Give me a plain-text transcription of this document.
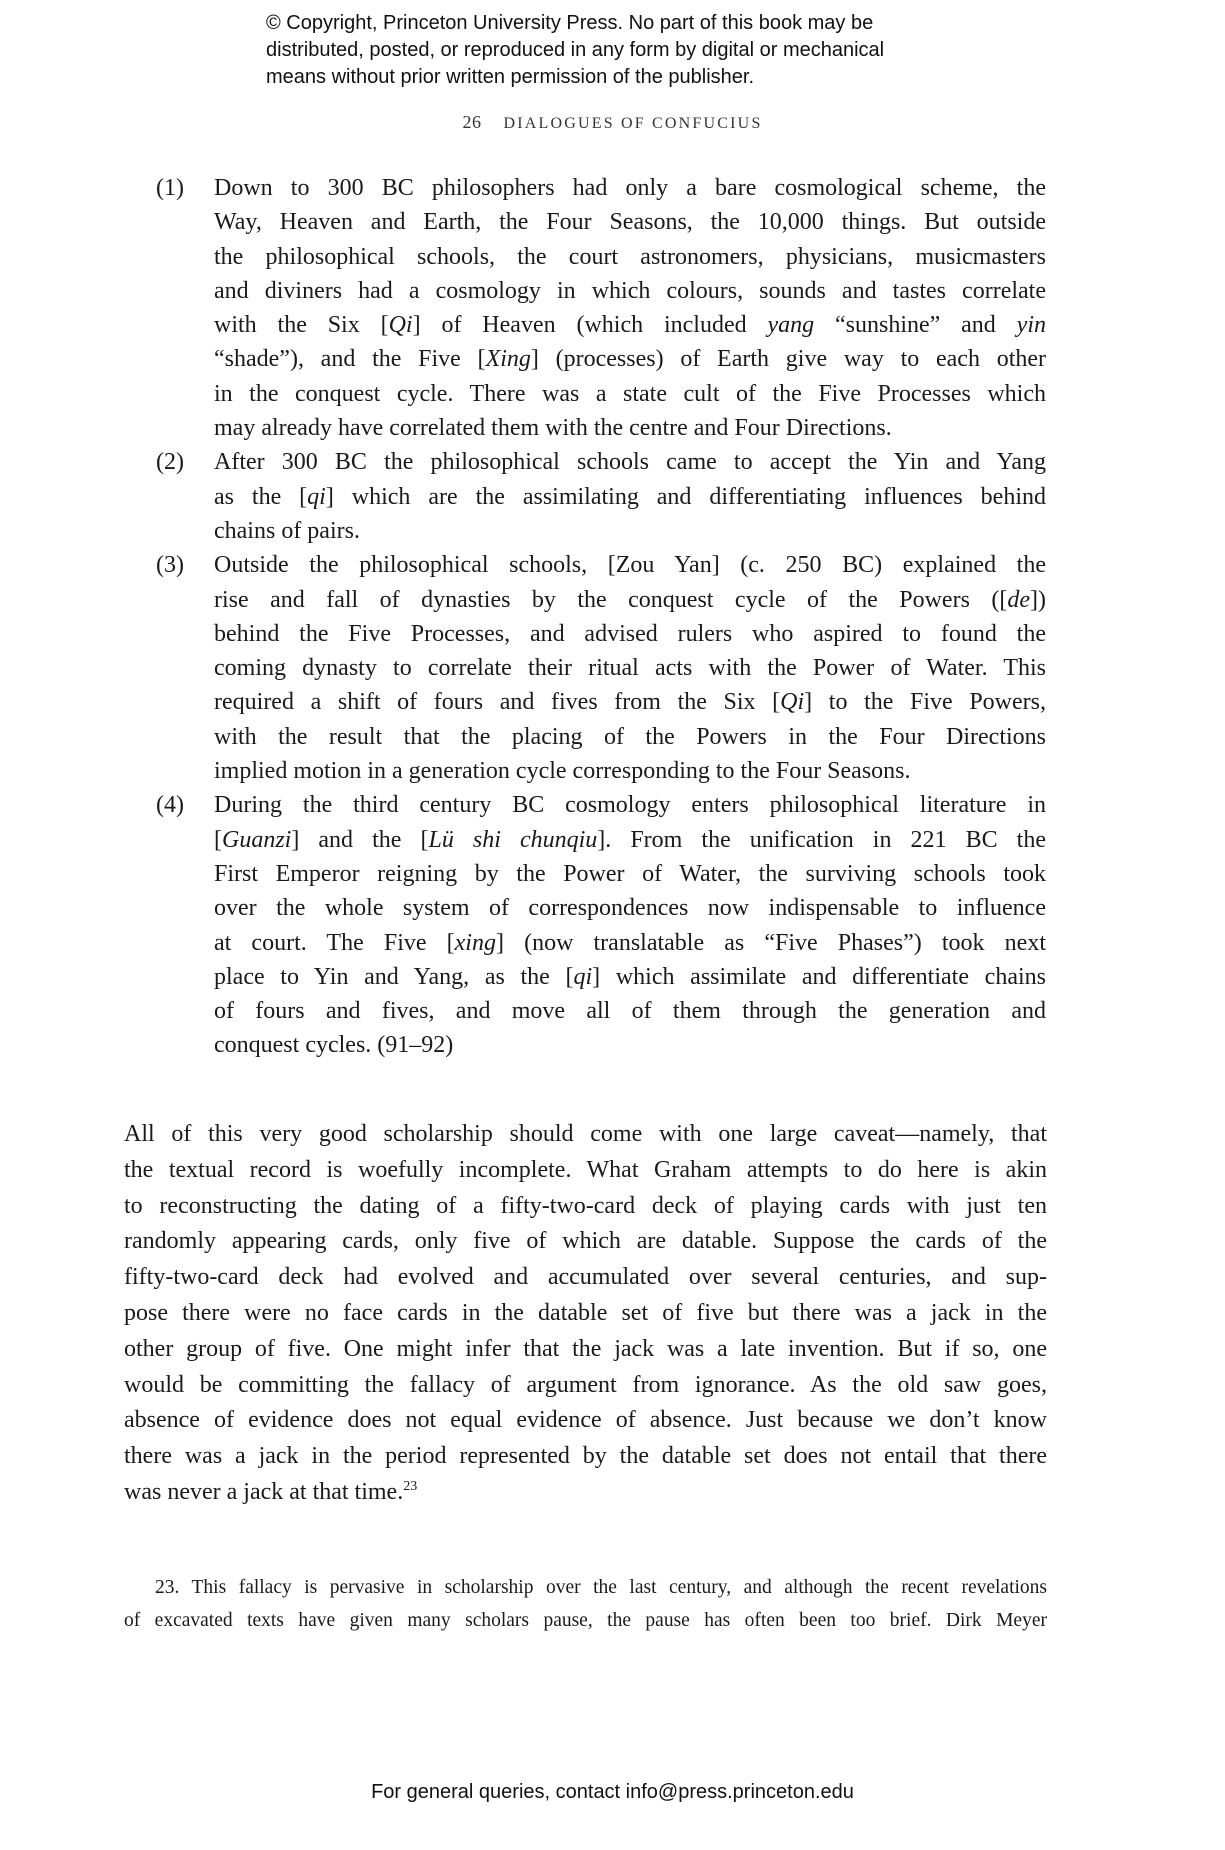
© Copyright, Princeton University Press. No part of this book may be
distributed, posted, or reproduced in any form by digital or mechanical
means without prior written permission of the publisher.
26 DIALOGUES OF CONFUCIUS
(1) Down to 300 BC philosophers had only a bare cosmological scheme, the
Way, Heaven and Earth, the Four Seasons, the 10,000 things. But outside
the philosophical schools, the court astronomers, physicians, musicmasters
and diviners had a cosmology in which colours, sounds and tastes correlate
with the Six [Qi] of Heaven (which included yang “sunshine” and yin
“shade”), and the Five [Xing] (processes) of Earth give way to each other
in the conquest cycle. There was a state cult of the Five Processes which
may already have correlated them with the centre and Four Directions.
(2) After 300 BC the philosophical schools came to accept the Yin and Yang
as the [qi] which are the assimilating and differentiating influences behind
chains of pairs.
(3) Outside the philosophical schools, [Zou Yan] (c. 250 BC) explained the
rise and fall of dynasties by the conquest cycle of the Powers ([de])
behind the Five Processes, and advised rulers who aspired to found the
coming dynasty to correlate their ritual acts with the Power of Water. This
required a shift of fours and fives from the Six [Qi] to the Five Powers,
with the result that the placing of the Powers in the Four Directions
implied motion in a generation cycle corresponding to the Four Seasons.
(4) During the third century BC cosmology enters philosophical literature in
[Guanzi] and the [Lü shi chunqiu]. From the unification in 221 BC the
First Emperor reigning by the Power of Water, the surviving schools took
over the whole system of correspondences now indispensable to influence
at court. The Five [xing] (now translatable as “Five Phases”) took next
place to Yin and Yang, as the [qi] which assimilate and differentiate chains
of fours and fives, and move all of them through the generation and
conquest cycles. (91–92)
All of this very good scholarship should come with one large caveat—namely, that
the textual record is woefully incomplete. What Graham attempts to do here is akin
to reconstructing the dating of a fifty-two-card deck of playing cards with just ten
randomly appearing cards, only five of which are datable. Suppose the cards of the
fifty-two-card deck had evolved and accumulated over several centuries, and sup-
pose there were no face cards in the datable set of five but there was a jack in the
other group of five. One might infer that the jack was a late invention. But if so, one
would be committing the fallacy of argument from ignorance. As the old saw goes,
absence of evidence does not equal evidence of absence. Just because we don’t know
there was a jack in the period represented by the datable set does not entail that there
was never a jack at that time.$^{23}$
23. This fallacy is pervasive in scholarship over the last century, and although the recent revelations
of excavated texts have given many scholars pause, the pause has often been too brief. Dirk Meyer
For general queries, contact info@press.princeton.edu
